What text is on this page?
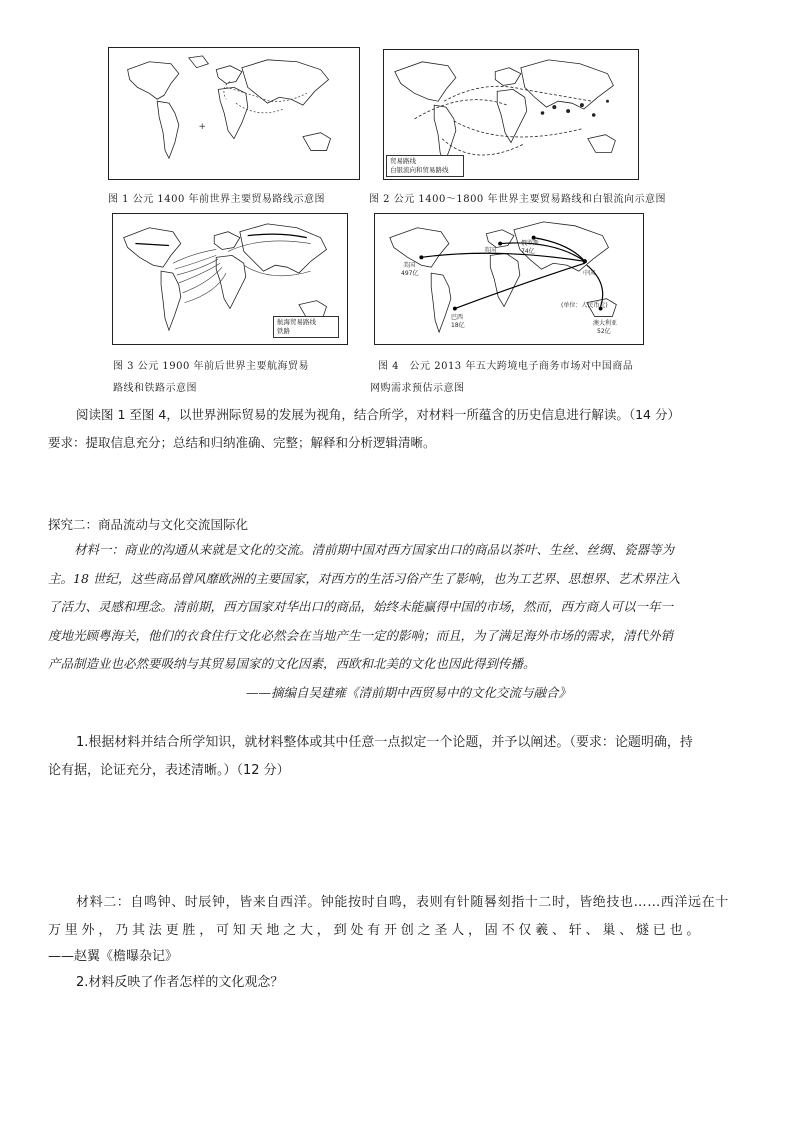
+
图 1 公元 1400 年前世界主要贸易路线示意图
贸易路线
白银流向和贸易路线
图 2 公元 1400～1800 年世界主要贸易路线和白银流向示意图
航海贸易路线
铁路
图 3 公元 1900 年前后世界主要航海贸易
路线和铁路示意图
英国
俄罗斯
74亿
美国
497亿	中国
巴西
18亿	澳大利亚
52亿
(单位：人民币元)
图 4　公元 2013 年五大跨境电子商务市场对中国商品
网购需求预估示意图
阅读图 1 至图 4，以世界洲际贸易的发展为视角，结合所学，对材料一所蕴含的历史信息进行解读。（14 分）
要求：提取信息充分；总结和归纳准确、完整；解释和分析逻辑清晰。
探究二：商品流动与文化交流国际化
材料一：商业的沟通从来就是文化的交流。清前期中国对西方国家出口的商品以茶叶、生丝、丝绸、瓷器等为
主。18 世纪，这些商品曾风靡欧洲的主要国家，对西方的生活习俗产生了影响，也为工艺界、思想界、艺术界注入
了活力、灵感和理念。清前期，西方国家对华出口的商品，始终未能赢得中国的市场，然而，西方商人可以一年一
度地光顾粤海关，他们的衣食住行文化必然会在当地产生一定的影响；而且，为了满足海外市场的需求，清代外销
产品制造业也必然要吸纳与其贸易国家的文化因素，西欧和北美的文化也因此得到传播。
——摘编自吴建雍《清前期中西贸易中的文化交流与融合》
1.根据材料并结合所学知识，就材料整体或其中任意一点拟定一个论题，并予以阐述。（要求：论题明确，持
论有据，论证充分，表述清晰。）（12 分）
材料二：自鸣钟、时辰钟，皆来自西洋。钟能按时自鸣，表则有针随晷刻指十二时，皆绝技也……西洋远在十
万里外，乃其法更胜，可知天地之大，到处有开创之圣人，固不仅羲、轩、巢、燧已也。
——赵翼《檐曝杂记》
2.材料反映了作者怎样的文化观念？
